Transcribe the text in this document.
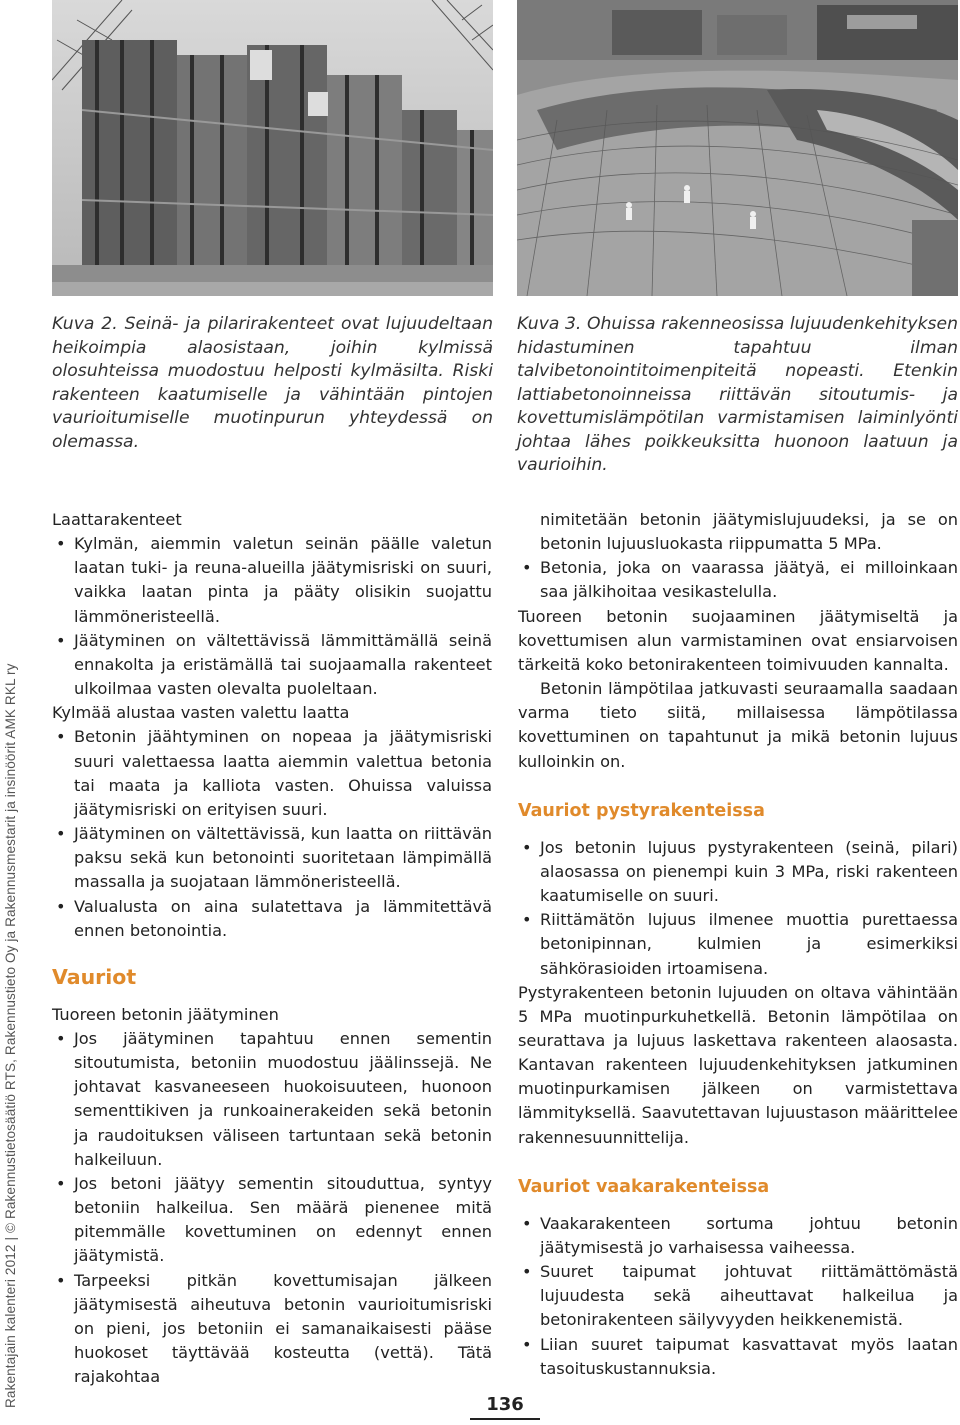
Kuva 2. Seinä- ja pilarirakenteet ovat lujuudeltaan heikoimpia alaosistaan, joihin kylmissä olosuhteissa muodostuu helposti kylmäsilta. Riski rakenteen kaatumiselle ja vähintään pintojen vaurioitumiselle muotinpurun yhteydessä on olemassa.
Kuva 3. Ohuissa rakenneosissa lujuudenkehityksen hidastuminen tapahtuu ilman talvibetonointitoimenpiteitä nopeasti. Etenkin lattiabetonoinneissa riittävän sitoutumis- ja kovettumislämpötilan varmistamisen laiminlyönti johtaa lähes poikkeuksitta huonoon laatuun ja vaurioihin.
Rakentajain kalenteri 2012 | © Rakennustietosäätiö RTS, Rakennustieto Oy ja Rakennusmestarit ja insinöörit AMK RKL ry

Laattarakenteet

• Kylmän, aiemmin valetun seinän päälle valetun laatan tuki- ja reuna-alueilla jäätymisriski on suuri, vaikka laatan pinta ja pääty olisikin suojattu lämmöneristeellä.
• Jäätyminen on vältettävissä lämmittämällä seinä ennakolta ja eristämällä tai suojaamalla rakenteet ulkoilmaa vasten olevalta puoleltaan.

Kylmää alustaa vasten valettu laatta

• Betonin jäähtyminen on nopeaa ja jäätymisriski suuri valettaessa laatta aiemmin valettua betonia tai maata ja kalliota vasten. Ohuissa valuissa jäätymisriski on erityisen suuri.
• Jäätyminen on vältettävissä, kun laatta on riittävän paksu sekä kun betonointi suoritetaan lämpimällä massalla ja suojataan lämmöneristeellä.
• Valualusta on aina sulatettava ja lämmitettävä ennen betonointia.

Vauriot

Tuoreen betonin jäätyminen

• Jos jäätyminen tapahtuu ennen sementin sitoutumista, betoniin muodostuu jäälinssejä. Ne johtavat kasvaneeseen huokoisuuteen, huonoon sementtikiven ja runkoainerakeiden sekä betonin ja raudoituksen väliseen tartuntaan sekä betonin halkeiluun.
• Jos betoni jäätyy sementin sitouduttua, syntyy betoniin halkeilua. Sen määrä pienenee mitä pitemmälle kovettuminen on edennyt ennen jäätymistä.
• Tarpeeksi pitkän kovettumisajan jälkeen jäätymisestä aiheutuva betonin vaurioitumisriski on pieni, jos betoniin ei samanaikaisesti pääse huokoset täyttävää kosteutta (vettä). Tätä rajakohtaa

nimitetään betonin jäätymislujuudeksi, ja se on betonin lujuusluokasta riippumatta 5 MPa.

• Betonia, joka on vaarassa jäätyä, ei milloinkaan saa jälkihoitaa vesikastelulla.

Tuoreen betonin suojaaminen jäätymiseltä ja kovettumisen alun varmistaminen ovat ensiarvoisen tärkeitä koko betonirakenteen toimivuuden kannalta.

Betonin lämpötilaa jatkuvasti seuraamalla saadaan varma tieto siitä, millaisessa lämpötilassa kovettuminen on tapahtunut ja mikä betonin lujuus kulloinkin on.

Vauriot pystyrakenteissa

• Jos betonin lujuus pystyrakenteen (seinä, pilari) alaosassa on pienempi kuin 3 MPa, riski rakenteen kaatumiselle on suuri.
• Riittämätön lujuus ilmenee muottia purettaessa betonipinnan, kulmien ja esimerkiksi sähkörasioiden irtoamisena.

Pystyrakenteen betonin lujuuden on oltava vähintään 5 MPa muotinpurkuhetkellä. Betonin lämpötilaa on seurattava ja lujuus laskettava rakenteen alaosasta. Kantavan rakenteen lujuudenkehityksen jatkuminen muotinpurkamisen jälkeen on varmistettava lämmityksellä. Saavutettavan lujuustason määrittelee rakennesuunnittelija.

Vauriot vaakarakenteissa

• Vaakarakenteen sortuma johtuu betonin jäätymisestä jo varhaisessa vaiheessa.
• Suuret taipumat johtuvat riittämättömästä lujuudesta sekä aiheuttavat halkeilua ja betonirakenteen säilyvyyden heikkenemistä.
• Liian suuret taipumat kasvattavat myös laatan tasoituskustannuksia.
136
